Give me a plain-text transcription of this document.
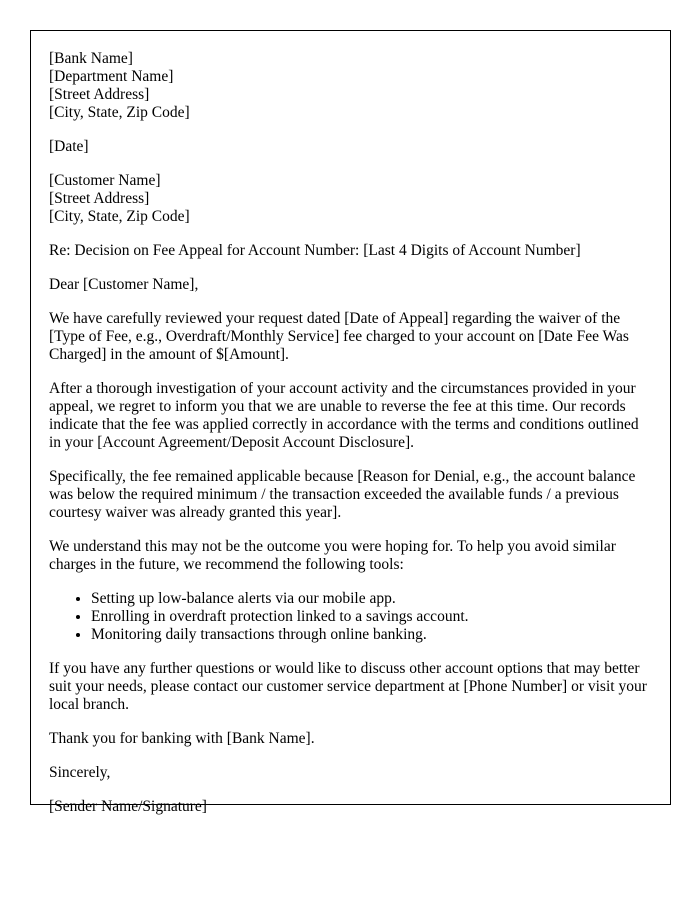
[Bank Name]
[Department Name]
[Street Address]
[City, State, Zip Code]
[Date]
[Customer Name]
[Street Address]
[City, State, Zip Code]

Re: Decision on Fee Appeal for Account Number: [Last 4 Digits of Account Number]

Dear [Customer Name],

We have carefully reviewed your request dated [Date of Appeal] regarding the waiver of the [Type of Fee, e.g., Overdraft/Monthly Service] fee charged to your account on [Date Fee Was Charged] in the amount of $[Amount].

After a thorough investigation of your account activity and the circumstances provided in your appeal, we regret to inform you that we are unable to reverse the fee at this time. Our records indicate that the fee was applied correctly in accordance with the terms and conditions outlined in your [Account Agreement/Deposit Account Disclosure].

Specifically, the fee remained applicable because [Reason for Denial, e.g., the account balance was below the required minimum / the transaction exceeded the available funds / a previous courtesy waiver was already granted this year].

We understand this may not be the outcome you were hoping for. To help you avoid similar charges in the future, we recommend the following tools:

• Setting up low-balance alerts via our mobile app.
• Enrolling in overdraft protection linked to a savings account.
• Monitoring daily transactions through online banking.

If you have any further questions or would like to discuss other account options that may better suit your needs, please contact our customer service department at [Phone Number] or visit your local branch.

Thank you for banking with [Bank Name].

Sincerely,

[Sender Name/Signature]
